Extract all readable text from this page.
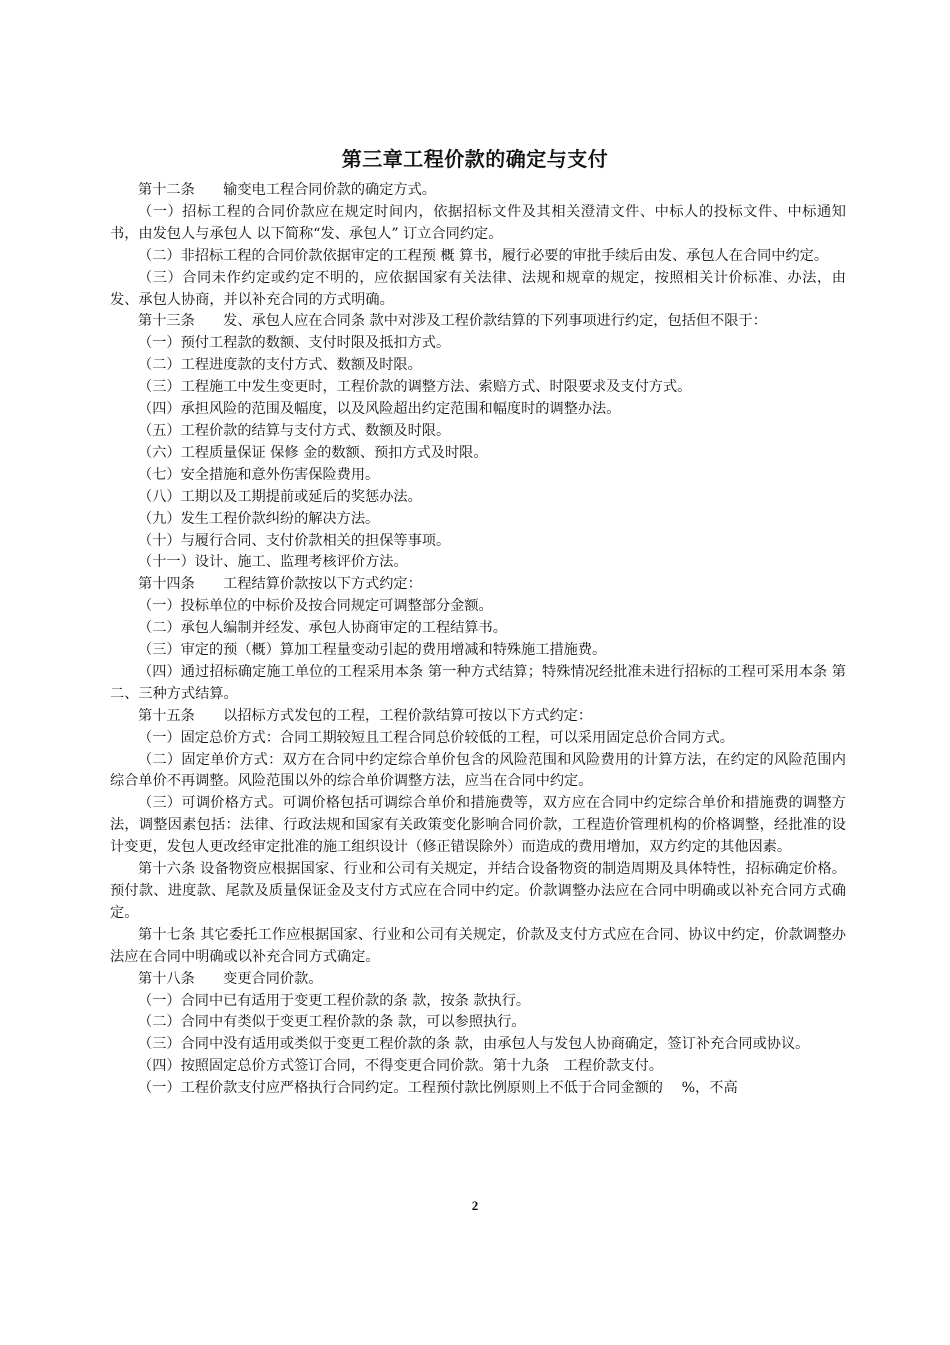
第三章工程价款的确定与支付

第十二条　　输变电工程合同价款的确定方式。

（一）招标工程的合同价款应在规定时间内，依据招标文件及其相关澄清文件、中标人的投标文件、中标通知书，由发包人与承包人 以下简称“发、承包人” 订立合同约定。

（二）非招标工程的合同价款依据审定的工程预 概 算书，履行必要的审批手续后由发、承包人在合同中约定。

（三）合同未作约定或约定不明的，应依据国家有关法律、法规和规章的规定，按照相关计价标准、办法，由发、承包人协商，并以补充合同的方式明确。

第十三条　　发、承包人应在合同条 款中对涉及工程价款结算的下列事项进行约定，包括但不限于：

（一）预付工程款的数额、支付时限及抵扣方式。

（二）工程进度款的支付方式、数额及时限。

（三）工程施工中发生变更时，工程价款的调整方法、索赔方式、时限要求及支付方式。

（四）承担风险的范围及幅度，以及风险超出约定范围和幅度时的调整办法。

（五）工程价款的结算与支付方式、数额及时限。

（六）工程质量保证 保修 金的数额、预扣方式及时限。

（七）安全措施和意外伤害保险费用。

（八）工期以及工期提前或延后的奖惩办法。

（九）发生工程价款纠纷的解决方法。

（十）与履行合同、支付价款相关的担保等事项。

（十一）设计、施工、监理考核评价方法。

第十四条　　工程结算价款按以下方式约定：

（一）投标单位的中标价及按合同规定可调整部分金额。

（二）承包人编制并经发、承包人协商审定的工程结算书。

（三）审定的预（概）算加工程量变动引起的费用增减和特殊施工措施费。

（四）通过招标确定施工单位的工程采用本条 第一种方式结算；特殊情况经批准未进行招标的工程可采用本条 第二、三种方式结算。

第十五条　　以招标方式发包的工程，工程价款结算可按以下方式约定：

（一）固定总价方式：合同工期较短且工程合同总价较低的工程，可以采用固定总价合同方式。

（二）固定单价方式：双方在合同中约定综合单价包含的风险范围和风险费用的计算方法，在约定的风险范围内综合单价不再调整。风险范围以外的综合单价调整方法，应当在合同中约定。

（三）可调价格方式。可调价格包括可调综合单价和措施费等，双方应在合同中约定综合单价和措施费的调整方法，调整因素包括：法律、行政法规和国家有关政策变化影响合同价款，工程造价管理机构的价格调整，经批准的设计变更，发包人更改经审定批准的施工组织设计（修正错误除外）而造成的费用增加，双方约定的其他因素。

第十六条 设备物资应根据国家、行业和公司有关规定，并结合设备物资的制造周期及具体特性，招标确定价格。预付款、进度款、尾款及质量保证金及支付方式应在合同中约定。价款调整办法应在合同中明确或以补充合同方式确定。

第十七条 其它委托工作应根据国家、行业和公司有关规定，价款及支付方式应在合同、协议中约定，价款调整办法应在合同中明确或以补充合同方式确定。

第十八条　　变更合同价款。

（一）合同中已有适用于变更工程价款的条 款，按条 款执行。

（二）合同中有类似于变更工程价款的条 款，可以参照执行。

（三）合同中没有适用或类似于变更工程价款的条 款，由承包人与发包人协商确定，签订补充合同或协议。

（四）按照固定总价方式签订合同，不得变更合同价款。第十九条　工程价款支付。

（一）工程价款支付应严格执行合同约定。工程预付款比例原则上不低于合同金额的　 %，不高

2
